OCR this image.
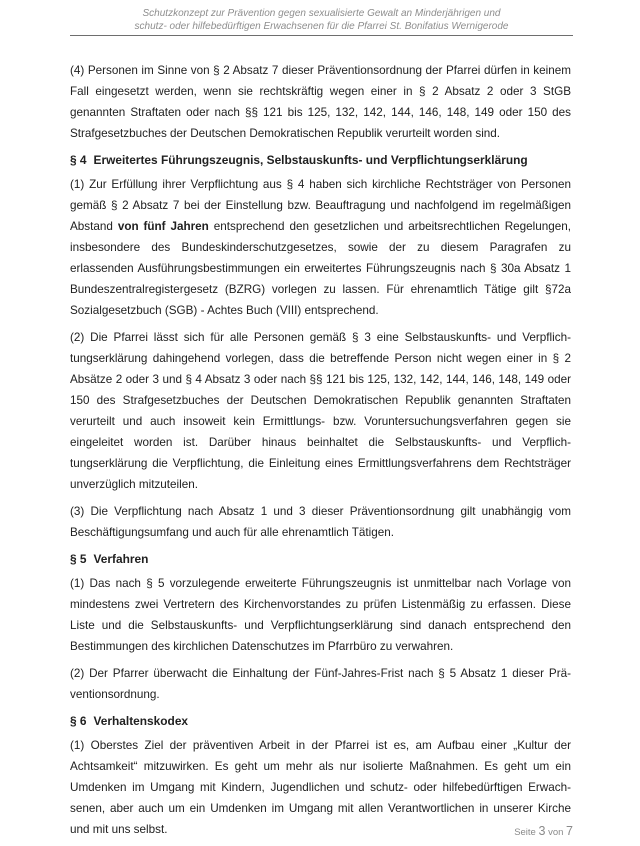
Schutzkonzept zur Prävention gegen sexualisierte Gewalt an Minderjährigen und
schutz- oder hilfebedürftigen Erwachsenen für die Pfarrei St. Bonifatius Wernigerode

(4) Personen im Sinne von § 2 Absatz 7 dieser Präventionsordnung der Pfarrei dürfen in keinem Fall eingesetzt werden, wenn sie rechtskräftig wegen einer in § 2 Absatz 2 oder 3 StGB genannten Straftaten oder nach §§ 121 bis 125, 132, 142, 144, 146, 148, 149 oder 150 des Strafgesetzbuches der Deutschen Demokratischen Republik verurteilt worden sind.

§ 4 Erweitertes Führungszeugnis, Selbstauskunfts- und Verpflichtungserklärung

(1) Zur Erfüllung ihrer Verpflichtung aus § 4 haben sich kirchliche Rechtsträger von Personen gemäß § 2 Absatz 7 bei der Einstellung bzw. Beauftragung und nachfolgend im regelmäßigen Abstand von fünf Jahren entsprechend den gesetzlichen und arbeitsrechtlichen Regelungen, insbesondere des Bundeskinderschutzgesetzes, sowie der zu diesem Paragrafen zu erlassenden Ausführungsbestimmungen ein erweitertes Führungszeugnis nach § 30a Absatz 1 Bundeszentralregistergesetz (BZRG) vorlegen zu lassen. Für ehrenamtlich Tätige gilt §72a Sozialgesetzbuch (SGB) - Achtes Buch (VIII) entsprechend.

(2) Die Pfarrei lässt sich für alle Personen gemäß § 3 eine Selbstauskunfts- und Verpflichtungserklärung dahingehend vorlegen, dass die betreffende Person nicht wegen einer in § 2 Absätze 2 oder 3 und § 4 Absatz 3 oder nach §§ 121 bis 125, 132, 142, 144, 146, 148, 149 oder 150 des Strafgesetzbuches der Deutschen Demokratischen Republik genannten Straftaten verurteilt und auch insoweit kein Ermittlungs- bzw. Voruntersuchungsverfahren gegen sie eingeleitet worden ist. Darüber hinaus beinhaltet die Selbstauskunfts- und Verpflichtungserklärung die Verpflichtung, die Einleitung eines Ermittlungsverfahrens dem Rechtsträger unverzüglich mitzuteilen.

(3) Die Verpflichtung nach Absatz 1 und 3 dieser Präventionsordnung gilt unabhängig vom Beschäftigungsumfang und auch für alle ehrenamtlich Tätigen.

§ 5 Verfahren

(1) Das nach § 5 vorzulegende erweiterte Führungszeugnis ist unmittelbar nach Vorlage von mindestens zwei Vertretern des Kirchenvorstandes zu prüfen Listenmäßig zu erfassen. Diese Liste und die Selbstauskunfts- und Verpflichtungserklärung sind danach entsprechend den Bestimmungen des kirchlichen Datenschutzes im Pfarrbüro zu verwahren.

(2) Der Pfarrer überwacht die Einhaltung der Fünf-Jahres-Frist nach § 5 Absatz 1 dieser Präventionsordnung.

§ 6 Verhaltenskodex

(1) Oberstes Ziel der präventiven Arbeit in der Pfarrei ist es, am Aufbau einer „Kultur der Achtsamkeit“ mitzuwirken. Es geht um mehr als nur isolierte Maßnahmen. Es geht um ein Umdenken im Umgang mit Kindern, Jugendlichen und schutz- oder hilfebedürftigen Erwachsenen, aber auch um ein Umdenken im Umgang mit allen Verantwortlichen in unserer Kirche und mit uns selbst.	Seite 3 von 7
